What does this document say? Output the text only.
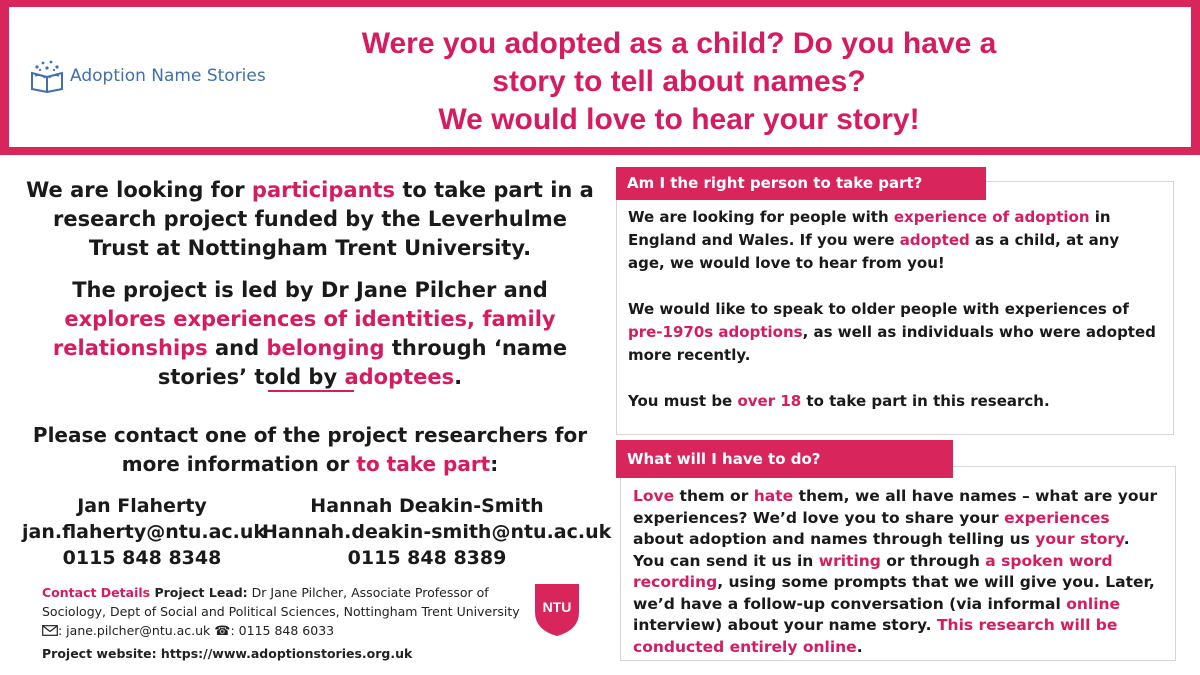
Adoption Name Stories
Were you adopted as a child? Do you have a
story to tell about names?
We would love to hear your story!

We are looking for participants to take part in a research project funded by the Leverhulme Trust at Nottingham Trent University.

The project is led by Dr Jane Pilcher and explores experiences of identities, family relationships and belonging through ‘name stories’ told by adoptees.

Please contact one of the project researchers for more information or to take part:
Jan Flaherty
jan.flaherty@ntu.ac.uk
0115 848 8348
Hannah Deakin-Smith
Hannah.deakin-smith@ntu.ac.uk
0115 848 8389
Contact Details Project Lead: Dr Jane Pilcher, Associate Professor of Sociology, Dept of Social and Political Sciences, Nottingham Trent University : jane.pilcher@ntu.ac.uk ☎: 0115 848 6033
Project website: https://www.adoptionstories.org.uk
NTU
Am I the right person to take part?

We are looking for people with experience of adoption in England and Wales. If you were adopted as a child, at any age, we would love to hear from you!

We would like to speak to older people with experiences of pre-1970s adoptions, as well as individuals who were adopted more recently.

You must be over 18 to take part in this research.

What will I have to do?
Love them or hate them, we all have names – what are your experiences? We’d love you to share your experiences about adoption and names through telling us your story. You can send it us in writing or through a spoken word recording, using some prompts that we will give you. Later, we’d have a follow-up conversation (via informal online interview) about your name story. This research will be conducted entirely online.
